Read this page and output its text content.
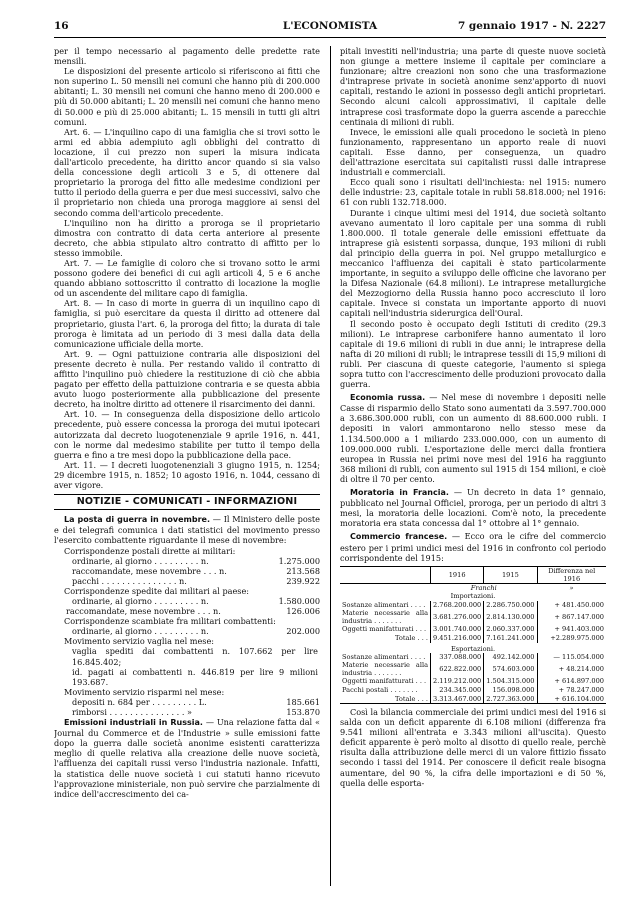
16	L'ECONOMISTA	7 gennaio 1917 - N. 2227

per il tempo necessario al pagamento delle predette rate mensili.

Le disposizioni del presente articolo si riferiscono ai fitti che non superino L. 50 mensili nei comuni che hanno più di 200.000 abitanti; L. 30 mensili nei comuni che hanno meno di 200.000 e più di 50.000 abitanti; L. 20 mensili nei comuni che hanno meno di 50.000 e più di 25.000 abitanti; L. 15 mensili in tutti gli altri comuni.

Art. 6. — L'inquilino capo di una famiglia che si trovi sotto le armi ed abbia adempiuto agli obblighi del contratto di locazione, il cui prezzo non superi la misura indicata dall'articolo precedente, ha diritto ancor quando si sia valso della concessione degli articoli 3 e 5, di ottenere dal proprietario la proroga del fitto alle medesime condizioni per tutto il periodo della guerra e per due mesi successivi, salvo che il proprietario non chieda una proroga maggiore ai sensi del secondo comma dell'articolo precedente.

L'inquilino non ha diritto a proroga se il proprietario dimostra con contratto di data certa anteriore al presente decreto, che abbia stipulato altro contratto di affitto per lo stesso immobile.

Art. 7. — Le famiglie di coloro che si trovano sotto le armi possono godere dei benefici di cui agli articoli 4, 5 e 6 anche quando abbiano sottoscritto il contratto di locazione la moglie od un ascendente del militare capo di famiglia.

Art. 8. — In caso di morte in guerra di un inquilino capo di famiglia, si può esercitare da questa il diritto ad ottenere dal proprietario, giusta l'art. 6, la proroga del fitto; la durata di tale proroga è limitata ad un periodo di 3 mesi dalla data della comunicazione ufficiale della morte.

Art. 9. — Ogni pattuizione contraria alle disposizioni del presente decreto è nulla. Per restando valido il contratto di affitto l'inquilino può chiedere la restituzione di ciò che abbia pagato per effetto della pattuizione contraria e se questa abbia avuto luogo posteriormente alla pubblicazione del presente decreto, ha inoltre diritto ad ottenere il risarcimento dei danni.

Art. 10. — In conseguenza della disposizione dello articolo precedente, può essere concessa la proroga dei mutui ipotecari autorizzata dal decreto luogotenenziale 9 aprile 1916, n. 441, con le norme dal medesimo stabilite per tutto il tempo della guerra e fino a tre mesi dopo la pubblicazione della pace.

Art. 11. — I decreti luogotenenziali 3 giugno 1915, n. 1254; 29 dicembre 1915, n. 1852; 10 agosto 1916, n. 1044, cessano di aver vigore.

NOTIZIE - COMUNICATI - INFORMAZIONI

La posta di guerra in novembre. — Il Ministero delle poste e dei telegrafi comunica i dati statistici del movimento presso l'esercito combattente riguardante il mese di novembre:

Corrispondenze postali dirette ai militari:
ordinarie, al giorno . . . . . . . . . n.	1.275.000
raccomandate, mese novembre . . . n.	213.568
pacchi . . . . . . . . . . . . . . . n.	239.922
Corrispondenze spedite dai militari al paese:
ordinarie, al giorno . . . . . . . . . n.	1.580.000
raccomandate, mese novembre . . . n.	126.006
Corrispondenze scambiate fra militari combattenti:
ordinarie, al giorno . . . . . . . . . n.	202.000
Movimento servizio vaglia nel mese:
vaglia spediti dai combattenti n. 107.662 per lire 16.845.402;
id. pagati ai combattenti n. 446.819 per lire 9 milioni 193.687.
Movimento servizio risparmi nel mese:
depositi n. 684 per . . . . . . . . . L.	185.661
rimborsi . . . . . . . . . . . . . . . »	153.870

Emissioni industriali in Russia. — Una relazione fatta dal « Journal du Commerce et de l'Industrie » sulle emissioni fatte dopo la guerra dalle società anonime esistenti caratterizza meglio di quelle relativa alla creazione delle nuove società, l'affluenza dei capitali russi verso l'industria nazionale. Infatti, la statistica delle nuove società i cui statuti hanno ricevuto l'approvazione ministeriale, non può servire che parzialmente di indice dell'accrescimento dei ca-

pitali investiti nell'industria; una parte di queste nuove società non giunge a mettere insieme il capitale per cominciare a funzionare; altre creazioni non sono che una trasformazione d'intraprese private in società anonime senz'apporto di nuovi capitali, restando le azioni in possesso degli antichi proprietari. Secondo alcuni calcoli approssimativi, il capitale delle intraprese così trasformate dopo la guerra ascende a parecchie centinaia di milioni di rubli.

Invece, le emissioni alle quali procedono le società in pieno funzionamento, rappresentano un apporto reale di nuovi capitali. Esse danno, per conseguenza, un quadro dell'attrazione esercitata sui capitalisti russi dalle intraprese industriali e commerciali.

Ecco quali sono i risultati dell'inchiesta: nel 1915: numero delle industrie: 23, capitale totale in rubli 58.818.000; nel 1916: 61 con rubli 132.718.000.

Durante i cinque ultimi mesi del 1914, due società soltanto avevano aumentato il loro capitale per una somma di rubli 1.800.000. Il totale generale delle emissioni effettuate da intraprese già esistenti sorpassa, dunque, 193 milioni di rubli dal principio della guerra in poi. Nel gruppo metallurgico e meccanico l'affluenza dei capitali è stato particolarmente importante, in seguito a sviluppo delle officine che lavorano per la Difesa Nazionale (64.8 milioni). Le intraprese metallurgiche del Mezzogiorno della Russia hanno poco accresciuto il loro capitale. Invece si constata un importante apporto di nuovi capitali nell'industria siderurgica dell'Oural.

Il secondo posto è occupato degli Istituti di credito (29.3 milioni). Le intraprese carbonifere hanno aumentato il loro capitale di 19.6 milioni di rubli in due anni; le intraprese della nafta di 20 milioni di rubli; le intraprese tessili di 15,9 milioni di rubli. Per ciascuna di queste categorie, l'aumento si spiega sopra tutto con l'accrescimento delle produzioni provocato dalla guerra.

Economia russa. — Nel mese di novembre i depositi nelle Casse di risparmio dello Stato sono aumentati da 3.597.700.000 a 3.686.300.000 rubli, con un aumento di 88.600.000 rubli. I depositi in valori ammontarono nello stesso mese da 1.134.500.000 a 1 miliardo 233.000.000, con un aumento di 109.000.000 rubli. L'esportazione delle merci dalla frontiera europea in Russia nei primi nove mesi del 1916 ha raggiunto 368 milioni di rubli, con aumento sul 1915 di 154 milioni, e cioè di oltre il 70 per cento.

Moratoria in Francia. — Un decreto in data 1° gennaio, pubblicato nel Journal Officiel, proroga, per un periodo di altri 3 mesi, la moratoria delle locazioni. Com'è noto, la precedente moratoria era stata concessa dal 1° ottobre al 1° gennaio.

Commercio francese. — Ecco ora le cifre del commercio estero per i primi undici mesi del 1916 in confronto col periodo corrispondente del 1915:

	1916	1915	Differenza nel 1916
	Franchi		»
Importazioni.			
Sostanze alimentari . . . .	2.768.200.000	2.286.750.000	+ 481.450.000
Materie necessarie alla industria . . . . . . .	3.681.276.000	2.814.130.000	+ 867.147.000
Oggetti manifatturati . . .	3.001.740.000	2.060.337.000	+ 941.403.000
Totale . . .	9.451.216.000	7.161.241.000	+2.289.975.000
Esportazioni.			
Sostanze alimentari . . . .	337.088.000	492.142.000	— 115.054.000
Materie necessarie alla industria . . . . . . .	622.822.000	574.603.000	+ 48.214.000
Oggetti manifatturati . . .	2.119.212.000	1.504.315.000	+ 614.897.000
Pacchi postali . . . . . . .	234.345.000	156.098.000	+ 78.247.000
Totale . . .	3.313.467.000	2.727.363.000	+ 616.104.000

Così la bilancia commerciale dei primi undici mesi del 1916 si salda con un deficit apparente di 6.108 milioni (differenza fra 9.541 milioni all'entrata e 3.343 milioni all'uscita). Questo deficit apparente è però molto al disotto di quello reale, perchè risulta dalla attribuzione delle merci di un valore fittizio fissato secondo i tassi del 1914. Per conoscere il deficit reale bisogna aumentare, del 90 %, la cifra delle importazioni e di 50 %, quella delle esporta-
